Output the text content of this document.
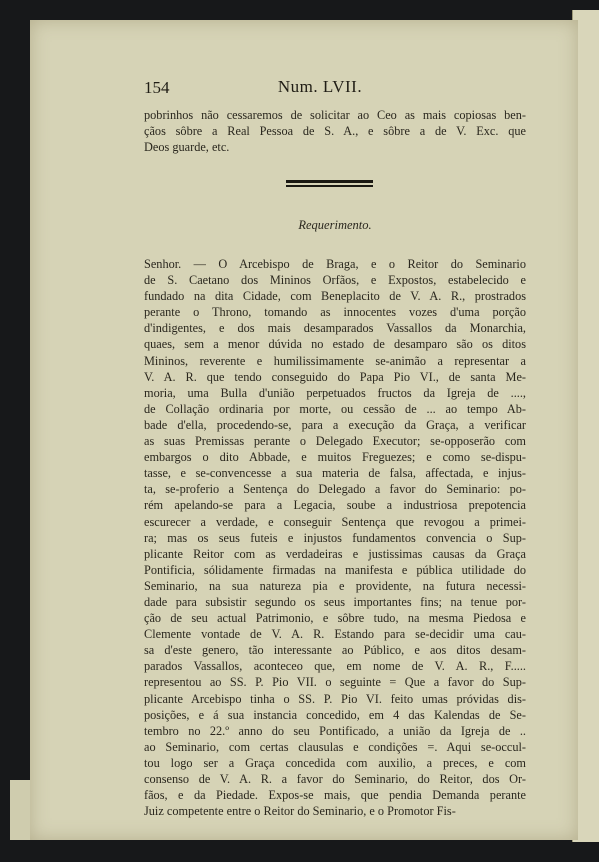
154	Num. LVII.
pobrinhos não cessaremos de solicitar ao Ceo as mais copiosas ben-
çãos sôbre a Real Pessoa de S. A., e sôbre a de V. Exc. que
Deos guarde, etc.
Requerimento.
Senhor. — O Arcebispo de Braga, e o Reitor do Seminario
de S. Caetano dos Mininos Orfãos, e Expostos, estabelecido e
fundado na dita Cidade, com Beneplacito de V. A. R., prostrados
perante o Throno, tomando as innocentes vozes d'uma porção
d'indigentes, e dos mais desamparados Vassallos da Monarchia,
quaes, sem a menor dúvida no estado de desamparo são os ditos
Mininos, reverente e humilissimamente se-animão a representar a
V. A. R. que tendo conseguido do Papa Pio VI., de santa Me-
moria, uma Bulla d'união perpetuados fructos da Igreja de ....,
de Collação ordinaria por morte, ou cessão de ... ao tempo Ab-
bade d'ella, procedendo-se, para a execução da Graça, a verificar
as suas Premissas perante o Delegado Executor; se-opposerão com
embargos o dito Abbade, e muitos Freguezes; e como se-dispu-
tasse, e se-convencesse a sua materia de falsa, affectada, e injus-
ta, se-proferio a Sentença do Delegado a favor do Seminario: po-
rém apelando-se para a Legacia, soube a industriosa prepotencia
escurecer a verdade, e conseguir Sentença que revogou a primei-
ra; mas os seus futeis e injustos fundamentos convencia o Sup-
plicante Reitor com as verdadeiras e justissimas causas da Graça
Pontificia, sólidamente firmadas na manifesta e pública utilidade do
Seminario, na sua natureza pia e providente, na futura necessi-
dade para subsistir segundo os seus importantes fins; na tenue por-
ção de seu actual Patrimonio, e sôbre tudo, na mesma Piedosa e
Clemente vontade de V. A. R. Estando para se-decidir uma cau-
sa d'este genero, tão interessante ao Público, e aos ditos desam-
parados Vassallos, aconteceo que, em nome de V. A. R., F.....
representou ao SS. P. Pio VII. o seguinte = Que a favor do Sup-
plicante Arcebispo tinha o SS. P. Pio VI. feito umas próvidas dis-
posições, e á sua instancia concedido, em 4 das Kalendas de Se-
tembro no 22.º anno do seu Pontificado, a união da Igreja de ..
ao Seminario, com certas clausulas e condições =. Aqui se-occul-
tou logo ser a Graça concedida com auxilio, a preces, e com
consenso de V. A. R. a favor do Seminario, do Reitor, dos Or-
fãos, e da Piedade. Expos-se mais, que pendia Demanda perante
Juiz competente entre o Reitor do Seminario, e o Promotor Fis-
